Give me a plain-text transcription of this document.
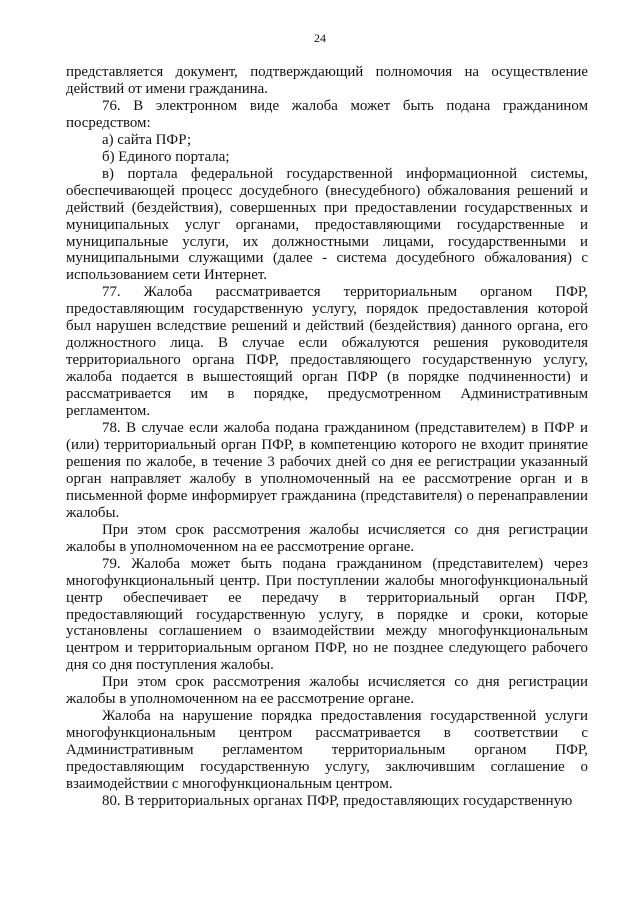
24

представляется документ, подтверждающий полномочия на осуществление действий от имени гражданина.

76. В электронном виде жалоба может быть подана гражданином посредством:

а) сайта ПФР;

б) Единого портала;

в) портала федеральной государственной информационной системы, обеспечивающей процесс досудебного (внесудебного) обжалования решений и действий (бездействия), совершенных при предоставлении государственных и муниципальных услуг органами, предоставляющими государственные и муниципальные услуги, их должностными лицами, государственными и муниципальными служащими (далее - система досудебного обжалования) с использованием сети Интернет.

77. Жалоба рассматривается территориальным органом ПФР, предоставляющим государственную услугу, порядок предоставления которой был нарушен вследствие решений и действий (бездействия) данного органа, его должностного лица. В случае если обжалуются решения руководителя территориального органа ПФР, предоставляющего государственную услугу, жалоба подается в вышестоящий орган ПФР (в порядке подчиненности) и рассматривается им в порядке, предусмотренном Административным регламентом.

78. В случае если жалоба подана гражданином (представителем) в ПФР и (или) территориальный орган ПФР, в компетенцию которого не входит принятие решения по жалобе, в течение 3 рабочих дней со дня ее регистрации указанный орган направляет жалобу в уполномоченный на ее рассмотрение орган и в письменной форме информирует гражданина (представителя) о перенаправлении жалобы.

При этом срок рассмотрения жалобы исчисляется со дня регистрации жалобы в уполномоченном на ее рассмотрение органе.

79. Жалоба может быть подана гражданином (представителем) через многофункциональный центр. При поступлении жалобы многофункциональный центр обеспечивает ее передачу в территориальный орган ПФР, предоставляющий государственную услугу, в порядке и сроки, которые установлены соглашением о взаимодействии между многофункциональным центром и территориальным органом ПФР, но не позднее следующего рабочего дня со дня поступления жалобы.

При этом срок рассмотрения жалобы исчисляется со дня регистрации жалобы в уполномоченном на ее рассмотрение органе.

Жалоба на нарушение порядка предоставления государственной услуги многофункциональным центром рассматривается в соответствии с Административным регламентом территориальным органом ПФР, предоставляющим государственную услугу, заключившим соглашение о взаимодействии с многофункциональным центром.

80. В территориальных органах ПФР, предоставляющих государственную
